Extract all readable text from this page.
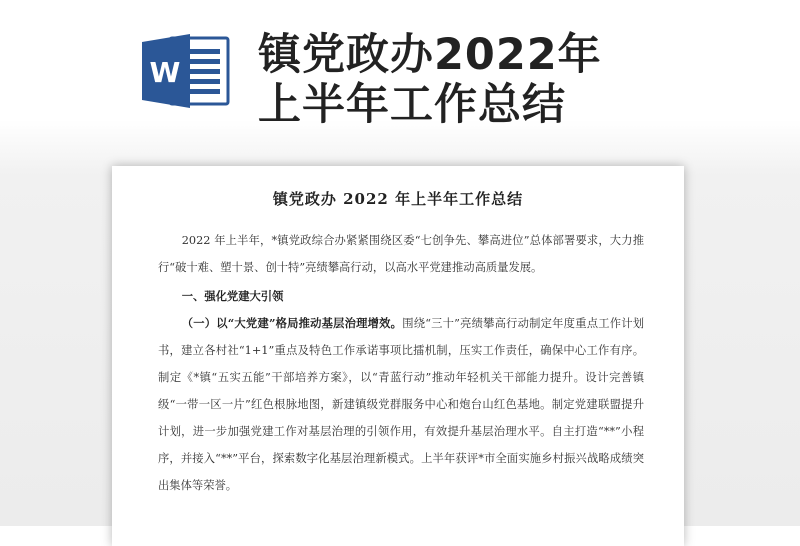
W 镇党政办2022年
上半年工作总结
镇党政办 2022 年上半年工作总结

2022 年上半年，*镇党政综合办紧紧围绕区委“七创争先、攀高进位”总体部署要求，大力推行“破十难、塑十景、创十特”亮绩攀高行动，以高水平党建推动高质量发展。

一、强化党建大引领

（一）以“大党建”格局推动基层治理增效。围绕“三十”亮绩攀高行动制定年度重点工作计划书，建立各村社“1+1”重点及特色工作承诺事项比擂机制，压实工作责任，确保中心工作有序。制定《*镇“五实五能”干部培养方案》，以“青蓝行动”推动年轻机关干部能力提升。设计完善镇级“一带一区一片”红色根脉地图，新建镇级党群服务中心和炮台山红色基地。制定党建联盟提升计划，进一步加强党建工作对基层治理的引领作用，有效提升基层治理水平。自主打造“**”小程序，并接入“**”平台，探索数字化基层治理新模式。上半年获评*市全面实施乡村振兴战略成绩突出集体等荣誉。
